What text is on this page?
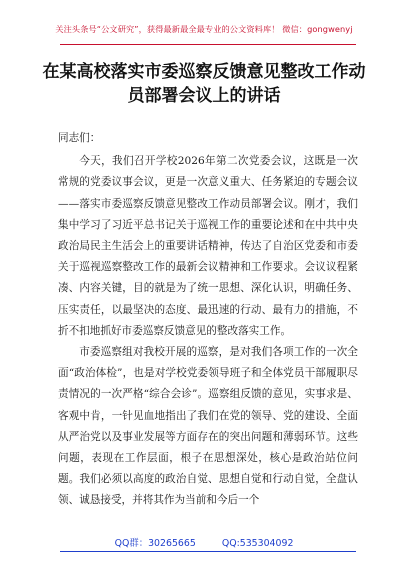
关注头条号“公文研究”，获得最新最全最专业的公文资料库！ 微信：gongwenyj
在某高校落实市委巡察反馈意见整改工作动员部署会议上的讲话

同志们：

今天，我们召开学校2026年第二次党委会议，这既是一次常规的党委议事会议，更是一次意义重大、任务紧迫的专题会议——落实市委巡察反馈意见整改工作动员部署会议。刚才，我们集中学习了习近平总书记关于巡视工作的重要论述和在中共中央政治局民主生活会上的重要讲话精神，传达了自治区党委和市委关于巡视巡察整改工作的最新会议精神和工作要求。会议议程紧凑、内容关键，目的就是为了统一思想、深化认识，明确任务、压实责任，以最坚决的态度、最迅速的行动、最有力的措施，不折不扣地抓好市委巡察反馈意见的整改落实工作。

市委巡察组对我校开展的巡察，是对我们各项工作的一次全面“政治体检”，也是对学校党委领导班子和全体党员干部履职尽责情况的一次严格“综合会诊”。巡察组反馈的意见，实事求是、客观中肯，一针见血地指出了我们在党的领导、党的建设、全面从严治党以及事业发展等方面存在的突出问题和薄弱环节。这些问题，表现在工作层面，根子在思想深处，核心是政治站位问题。我们必须以高度的政治自觉、思想自觉和行动自觉，全盘认领、诚恳接受，并将其作为当前和今后一个

QQ群：30265665	QQ:535304092
